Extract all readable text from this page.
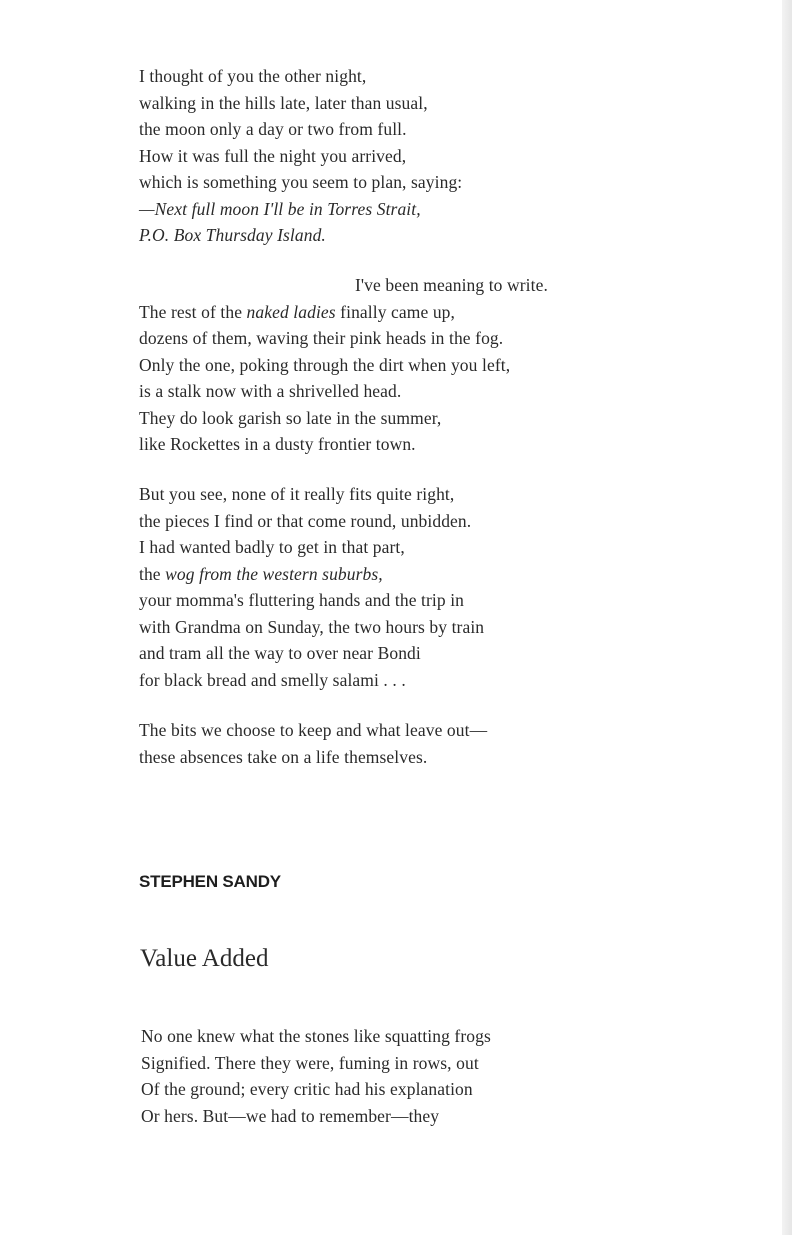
I thought of you the other night,
walking in the hills late, later than usual,
the moon only a day or two from full.
How it was full the night you arrived,
which is something you seem to plan, saying:
—Next full moon I'll be in Torres Strait,
P.O. Box Thursday Island.
I've been meaning to write.
The rest of the naked ladies finally came up,
dozens of them, waving their pink heads in the fog.
Only the one, poking through the dirt when you left,
is a stalk now with a shrivelled head.
They do look garish so late in the summer,
like Rockettes in a dusty frontier town.
But you see, none of it really fits quite right,
the pieces I find or that come round, unbidden.
I had wanted badly to get in that part,
the wog from the western suburbs,
your momma's fluttering hands and the trip in
with Grandma on Sunday, the two hours by train
and tram all the way to over near Bondi
for black bread and smelly salami . . .
The bits we choose to keep and what leave out—
these absences take on a life themselves.
STEPHEN SANDY
Value Added
No one knew what the stones like squatting frogs
Signified. There they were, fuming in rows, out
Of the ground; every critic had his explanation
Or hers. But—we had to remember—they
